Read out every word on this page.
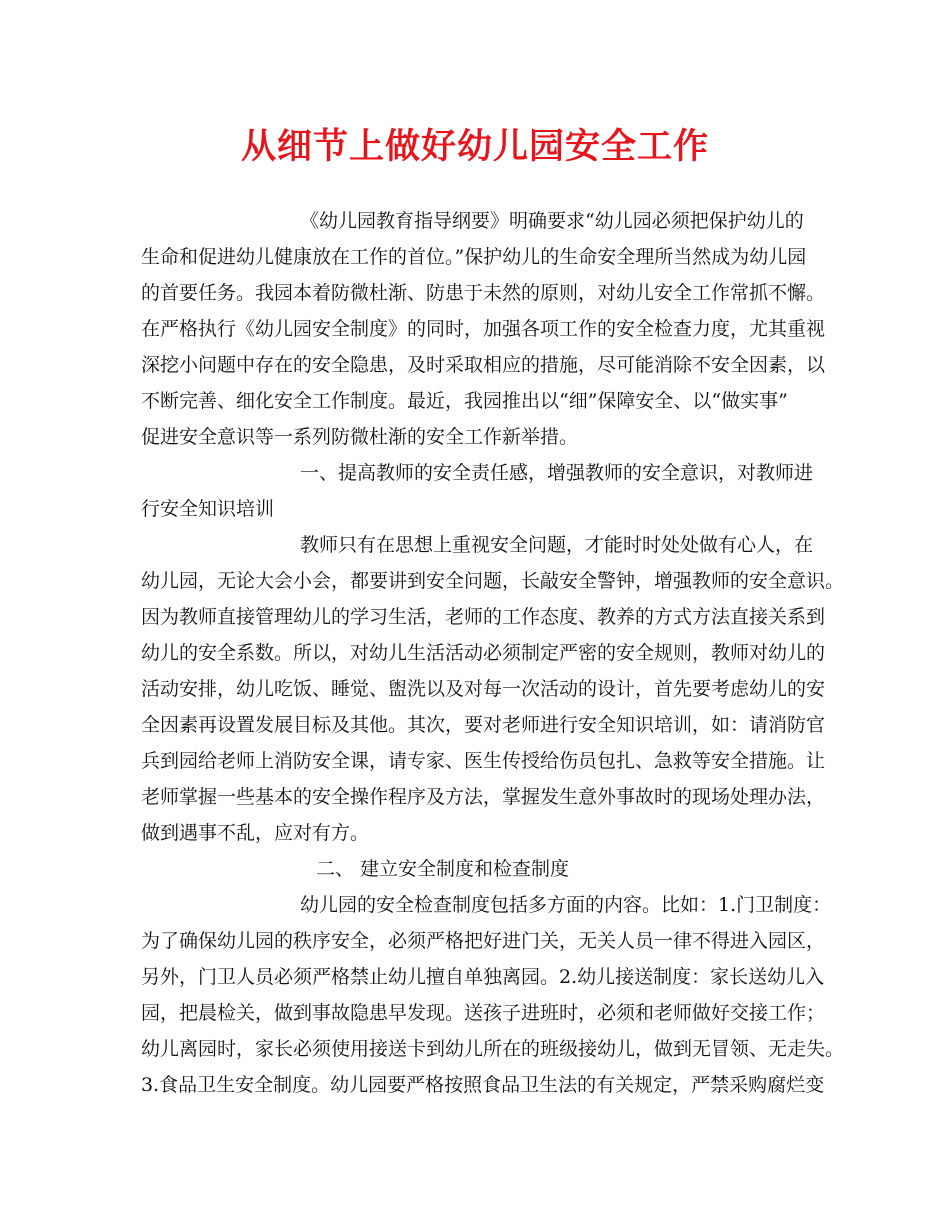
从细节上做好幼儿园安全工作
《幼儿园教育指导纲要》明确要求“幼儿园必须把保护幼儿的
生命和促进幼儿健康放在工作的首位。”保护幼儿的生命安全理所当然成为幼儿园
的首要任务。我园本着防微杜渐、防患于未然的原则，对幼儿安全工作常抓不懈。
在严格执行《幼儿园安全制度》的同时，加强各项工作的安全检查力度，尤其重视
深挖小问题中存在的安全隐患，及时采取相应的措施，尽可能消除不安全因素，以
不断完善、细化安全工作制度。最近，我园推出以“细”保障安全、以“做实事”
促进安全意识等一系列防微杜渐的安全工作新举措。
一、提高教师的安全责任感，增强教师的安全意识，对教师进
行安全知识培训
教师只有在思想上重视安全问题，才能时时处处做有心人，在
幼儿园，无论大会小会，都要讲到安全问题，长敲安全警钟，增强教师的安全意识。
因为教师直接管理幼儿的学习生活，老师的工作态度、教养的方式方法直接关系到
幼儿的安全系数。所以，对幼儿生活活动必须制定严密的安全规则，教师对幼儿的
活动安排，幼儿吃饭、睡觉、盥洗以及对每一次活动的设计，首先要考虑幼儿的安
全因素再设置发展目标及其他。其次，要对老师进行安全知识培训，如：请消防官
兵到园给老师上消防安全课，请专家、医生传授给伤员包扎、急救等安全措施。让
老师掌握一些基本的安全操作程序及方法，掌握发生意外事故时的现场处理办法，
做到遇事不乱，应对有方。
二、 建立安全制度和检查制度
幼儿园的安全检查制度包括多方面的内容。比如：1.门卫制度：
为了确保幼儿园的秩序安全，必须严格把好进门关，无关人员一律不得进入园区，
另外，门卫人员必须严格禁止幼儿擅自单独离园。2.幼儿接送制度：家长送幼儿入
园，把晨检关，做到事故隐患早发现。送孩子进班时，必须和老师做好交接工作；
幼儿离园时，家长必须使用接送卡到幼儿所在的班级接幼儿，做到无冒领、无走失。
3.食品卫生安全制度。幼儿园要严格按照食品卫生法的有关规定，严禁采购腐烂变
